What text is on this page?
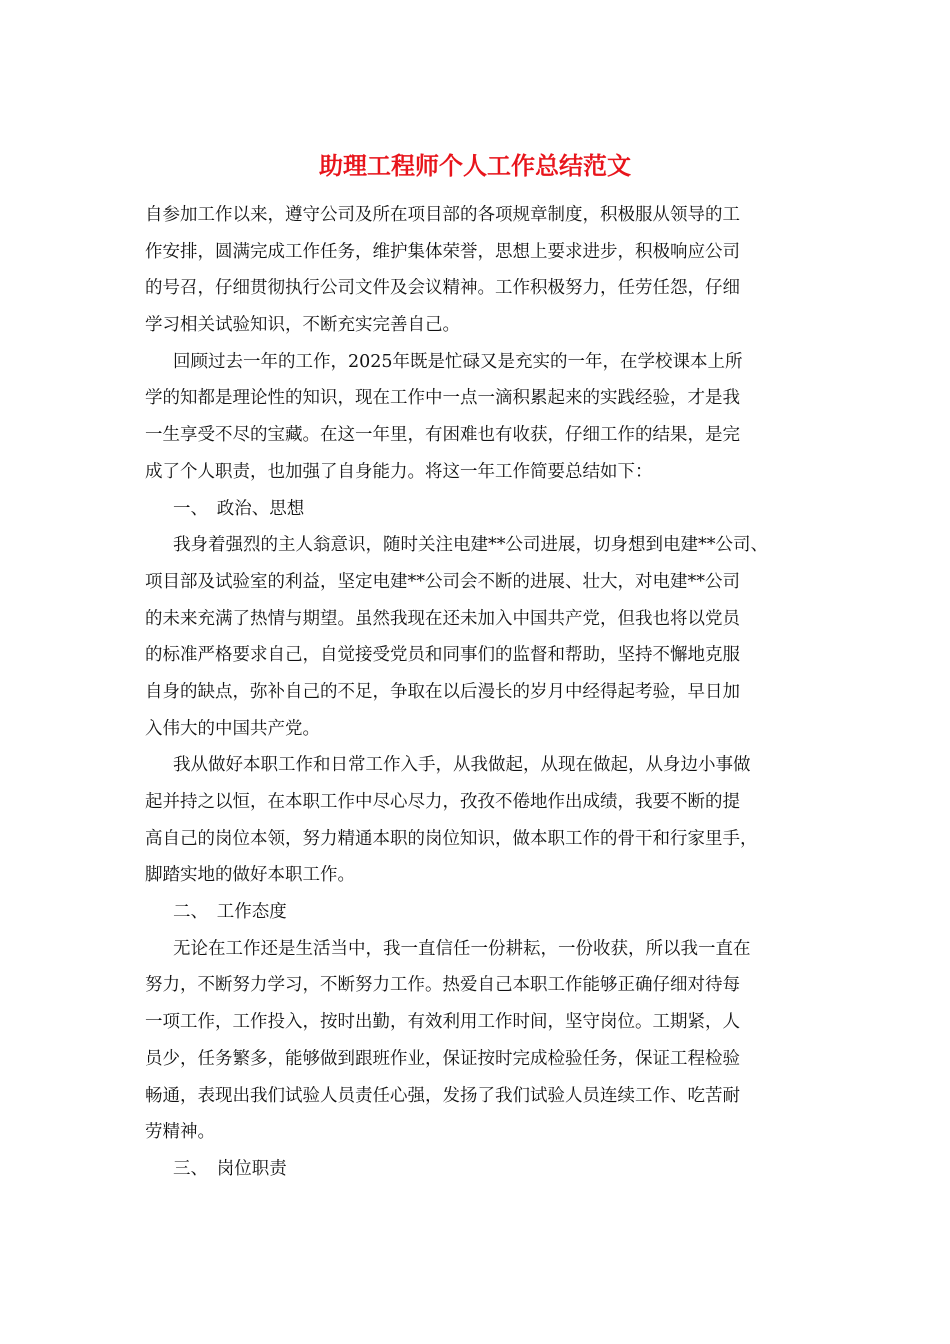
助理工程师个人工作总结范文
自参加工作以来，遵守公司及所在项目部的各项规章制度，积极服从领导的工
作安排，圆满完成工作任务，维护集体荣誉，思想上要求进步，积极响应公司
的号召，仔细贯彻执行公司文件及会议精神。工作积极努力，任劳任怨，仔细
学习相关试验知识，不断充实完善自己。
回顾过去一年的工作，2025年既是忙碌又是充实的一年，在学校课本上所
学的知都是理论性的知识，现在工作中一点一滴积累起来的实践经验，才是我
一生享受不尽的宝藏。在这一年里，有困难也有收获，仔细工作的结果，是完
成了个人职责，也加强了自身能力。将这一年工作简要总结如下：
一、　政治、思想
我身着强烈的主人翁意识，随时关注电建**公司进展，切身想到电建**公司、
项目部及试验室的利益，坚定电建**公司会不断的进展、壮大，对电建**公司
的未来充满了热情与期望。虽然我现在还未加入中国共产党，但我也将以党员
的标准严格要求自己，自觉接受党员和同事们的监督和帮助，坚持不懈地克服
自身的缺点，弥补自己的不足，争取在以后漫长的岁月中经得起考验，早日加
入伟大的中国共产党。
我从做好本职工作和日常工作入手，从我做起，从现在做起，从身边小事做
起并持之以恒，在本职工作中尽心尽力，孜孜不倦地作出成绩，我要不断的提
高自己的岗位本领，努力精通本职的岗位知识，做本职工作的骨干和行家里手，
脚踏实地的做好本职工作。
二、　工作态度
无论在工作还是生活当中，我一直信任一份耕耘，一份收获，所以我一直在
努力，不断努力学习，不断努力工作。热爱自己本职工作能够正确仔细对待每
一项工作，工作投入，按时出勤，有效利用工作时间，坚守岗位。工期紧，人
员少，任务繁多，能够做到跟班作业，保证按时完成检验任务，保证工程检验
畅通，表现出我们试验人员责任心强，发扬了我们试验人员连续工作、吃苦耐
劳精神。
三、　岗位职责
